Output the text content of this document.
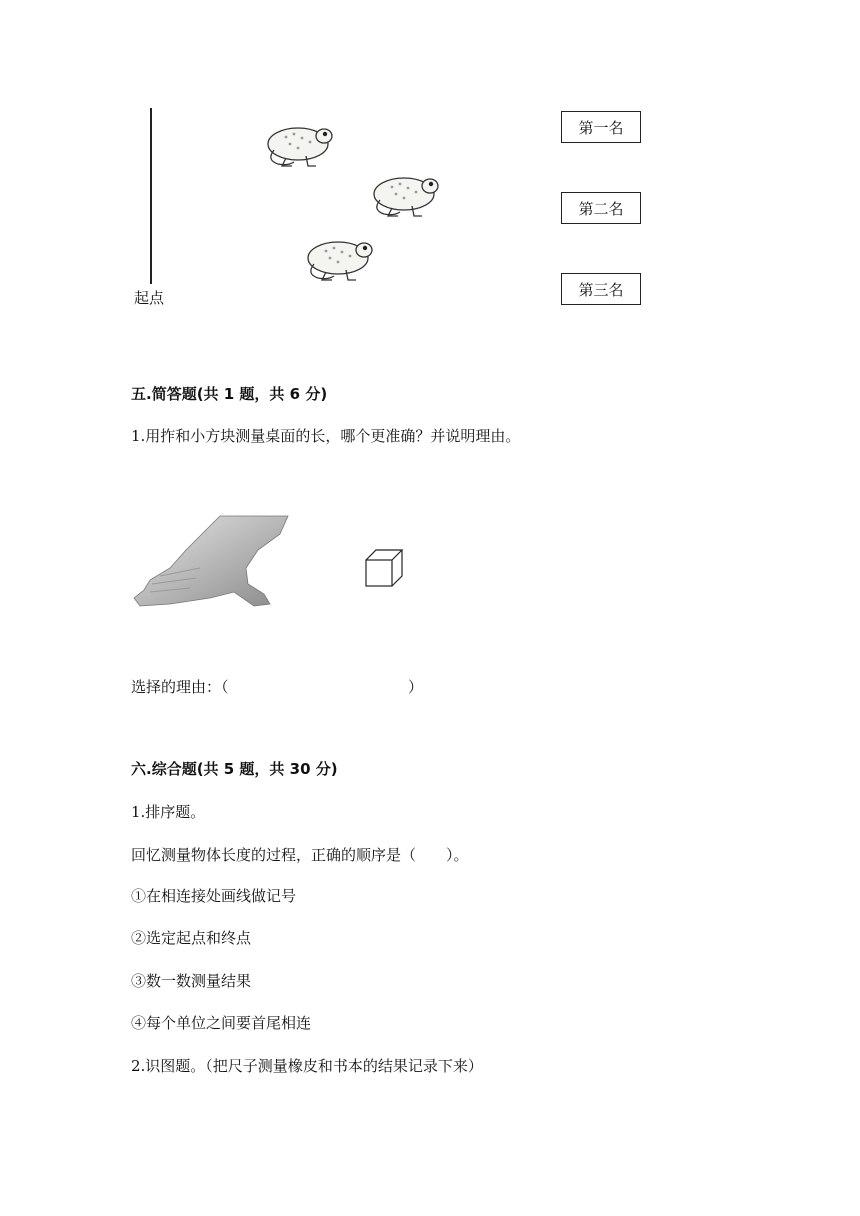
起点
第一名
第二名
第三名
五.简答题(共 1 题，共 6 分)
1.用拃和小方块测量桌面的长，哪个更准确？并说明理由。
选择的理由：（	）
六.综合题(共 5 题，共 30 分)
1.排序题。
回忆测量物体长度的过程，正确的顺序是（　　）。
①在相连接处画线做记号
②选定起点和终点
③数一数测量结果
④每个单位之间要首尾相连
2.识图题。（把尺子测量橡皮和书本的结果记录下来）
